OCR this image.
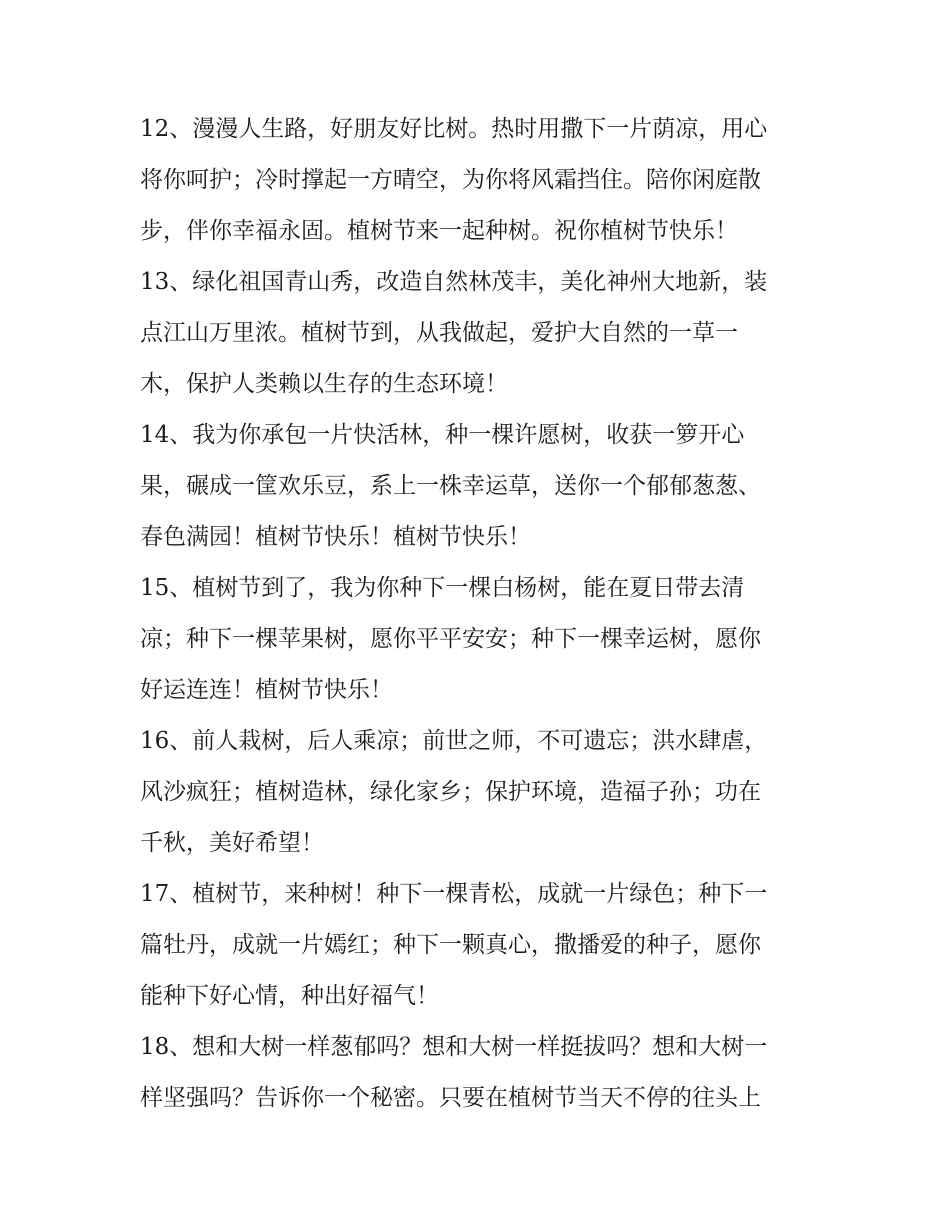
12、漫漫人生路，好朋友好比树。热时用撒下一片荫凉，用心
将你呵护；冷时撑起一方晴空，为你将风霜挡住。陪你闲庭散
步，伴你幸福永固。植树节来一起种树。祝你植树节快乐！
13、绿化祖国青山秀，改造自然林茂丰，美化神州大地新，装
点江山万里浓。植树节到，从我做起，爱护大自然的一草一
木，保护人类赖以生存的生态环境！
14、我为你承包一片快活林，种一棵许愿树，收获一箩开心
果，碾成一筐欢乐豆，系上一株幸运草，送你一个郁郁葱葱、
春色满园！植树节快乐！植树节快乐！
15、植树节到了，我为你种下一棵白杨树，能在夏日带去清
凉；种下一棵苹果树，愿你平平安安；种下一棵幸运树，愿你
好运连连！植树节快乐！
16、前人栽树，后人乘凉；前世之师，不可遗忘；洪水肆虐，
风沙疯狂；植树造林，绿化家乡；保护环境，造福子孙；功在
千秋，美好希望！
17、植树节，来种树！种下一棵青松，成就一片绿色；种下一
篇牡丹，成就一片嫣红；种下一颗真心，撒播爱的种子，愿你
能种下好心情，种出好福气！
18、想和大树一样葱郁吗？想和大树一样挺拔吗？想和大树一
样坚强吗？告诉你一个秘密。只要在植树节当天不停的往头上
